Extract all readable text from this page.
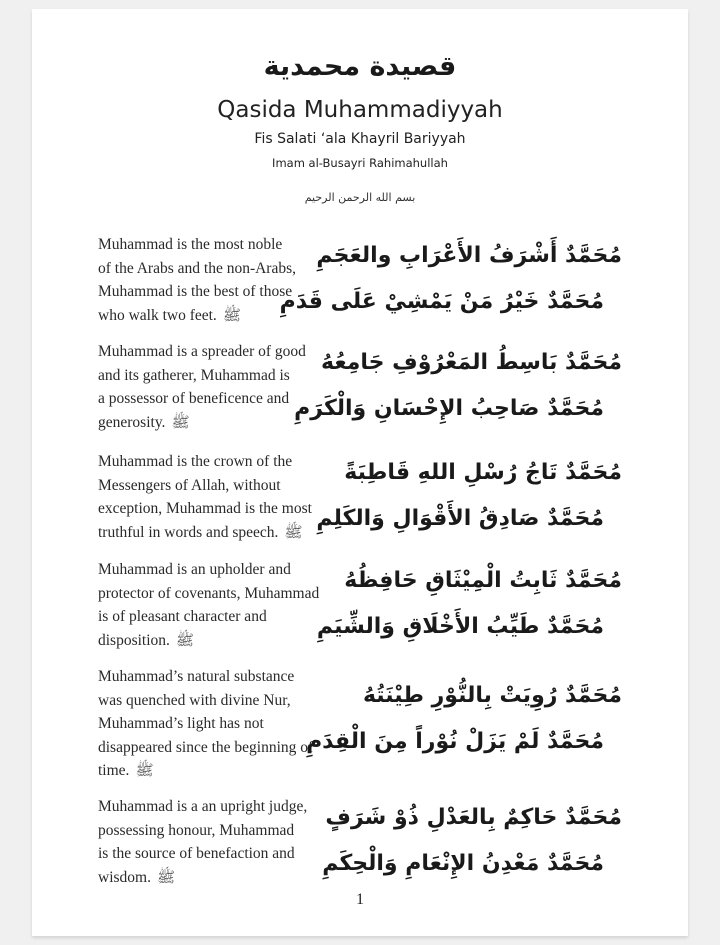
قصيدة محمدية
Qasida Muhammadiyyah
Fis Salati ‘ala Khayril Bariyyah
Imam al-Busayri Rahimahullah
بسم الله الرحمن الرحيم
Muhammad is the most noble
of the Arabs and the non-Arabs,
Muhammad is the best of those
who walk two feet. ﷺ
مُحَمَّدٌ أَشْرَفُ الأَعْرَابِ والعَجَمِ
مُحَمَّدٌ خَيْرُ مَنْ يَمْشِيْ عَلَى قَدَمِ
Muhammad is a spreader of good
and its gatherer, Muhammad is
a possessor of beneficence and
generosity. ﷺ
مُحَمَّدٌ بَاسِطُ المَعْرُوْفِ جَامِعُهُ
مُحَمَّدٌ صَاحِبُ الإِحْسَانِ وَالْكَرَمِ
Muhammad is the crown of the
Messengers of Allah, without
exception, Muhammad is the most
truthful in words and speech. ﷺ
مُحَمَّدٌ تَاجُ رُسْلِ اللهِ قَاطِبَةً
مُحَمَّدٌ صَادِقُ الأَقْوَالِ وَالكَلِمِ
Muhammad is an upholder and
protector of covenants, Muhammad
is of pleasant character and
disposition. ﷺ
مُحَمَّدٌ ثَابِتُ الْمِيْثَاقِ حَافِظُهُ
مُحَمَّدٌ طَيِّبُ الأَخْلَاقِ وَالشِّيَمِ
Muhammad’s natural substance
was quenched with divine Nur,
Muhammad’s light has not
disappeared since the beginning of
time. ﷺ
مُحَمَّدٌ رُوِيَتْ بِالنُّوْرِ طِيْنَتُهُ
مُحَمَّدٌ لَمْ يَزَلْ نُوْراً مِنَ الْقِدَمِ
Muhammad is a an upright judge,
possessing honour, Muhammad
is the source of benefaction and
wisdom. ﷺ
مُحَمَّدٌ حَاكِمٌ بِالعَدْلِ ذُوْ شَرَفٍ
مُحَمَّدٌ مَعْدِنُ الإِنْعَامِ وَالْحِكَمِ
1
